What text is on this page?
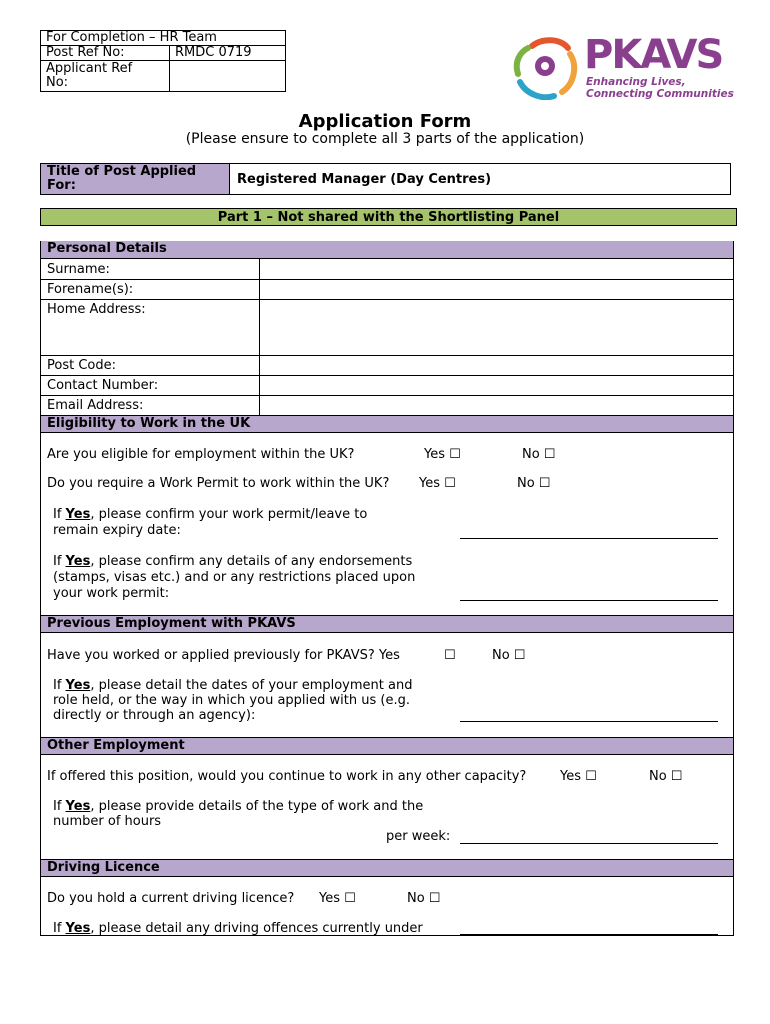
For Completion – HR Team
Post Ref No:	RMDC 0719
Applicant Ref
No:
PKAVS
Enhancing Lives,
Connecting Communities
Application Form
(Please ensure to complete all 3 parts of the application)
Title of Post Applied
For:	Registered Manager (Day Centres)
Part 1 – Not shared with the Shortlisting Panel
Personal Details
Surname:
Forename(s):
Home Address:
Post Code:
Contact Number:
Email Address:
Eligibility to Work in the UK
Are you eligible for employment within the UK?	Yes ☐	No ☐
Do you require a Work Permit to work within the UK? Yes ☐	No ☐
If Yes, please confirm your work permit/leave to
remain expiry date:
If Yes, please confirm any details of any endorsements
(stamps, visas etc.) and or any restrictions placed upon
your work permit:
Previous Employment with PKAVS
Have you worked or applied previously for PKAVS? Yes	☐	No ☐
If Yes, please detail the dates of your employment and
role held, or the way in which you applied with us (e.g.
directly or through an agency):
Other Employment
If offered this position, would you continue to work in any other capacity?	Yes ☐	No ☐
If Yes, please provide details of the type of work and the
number of hours
per week:
Driving Licence
Do you hold a current driving licence? Yes ☐	No ☐
If Yes, please detail any driving offences currently under
